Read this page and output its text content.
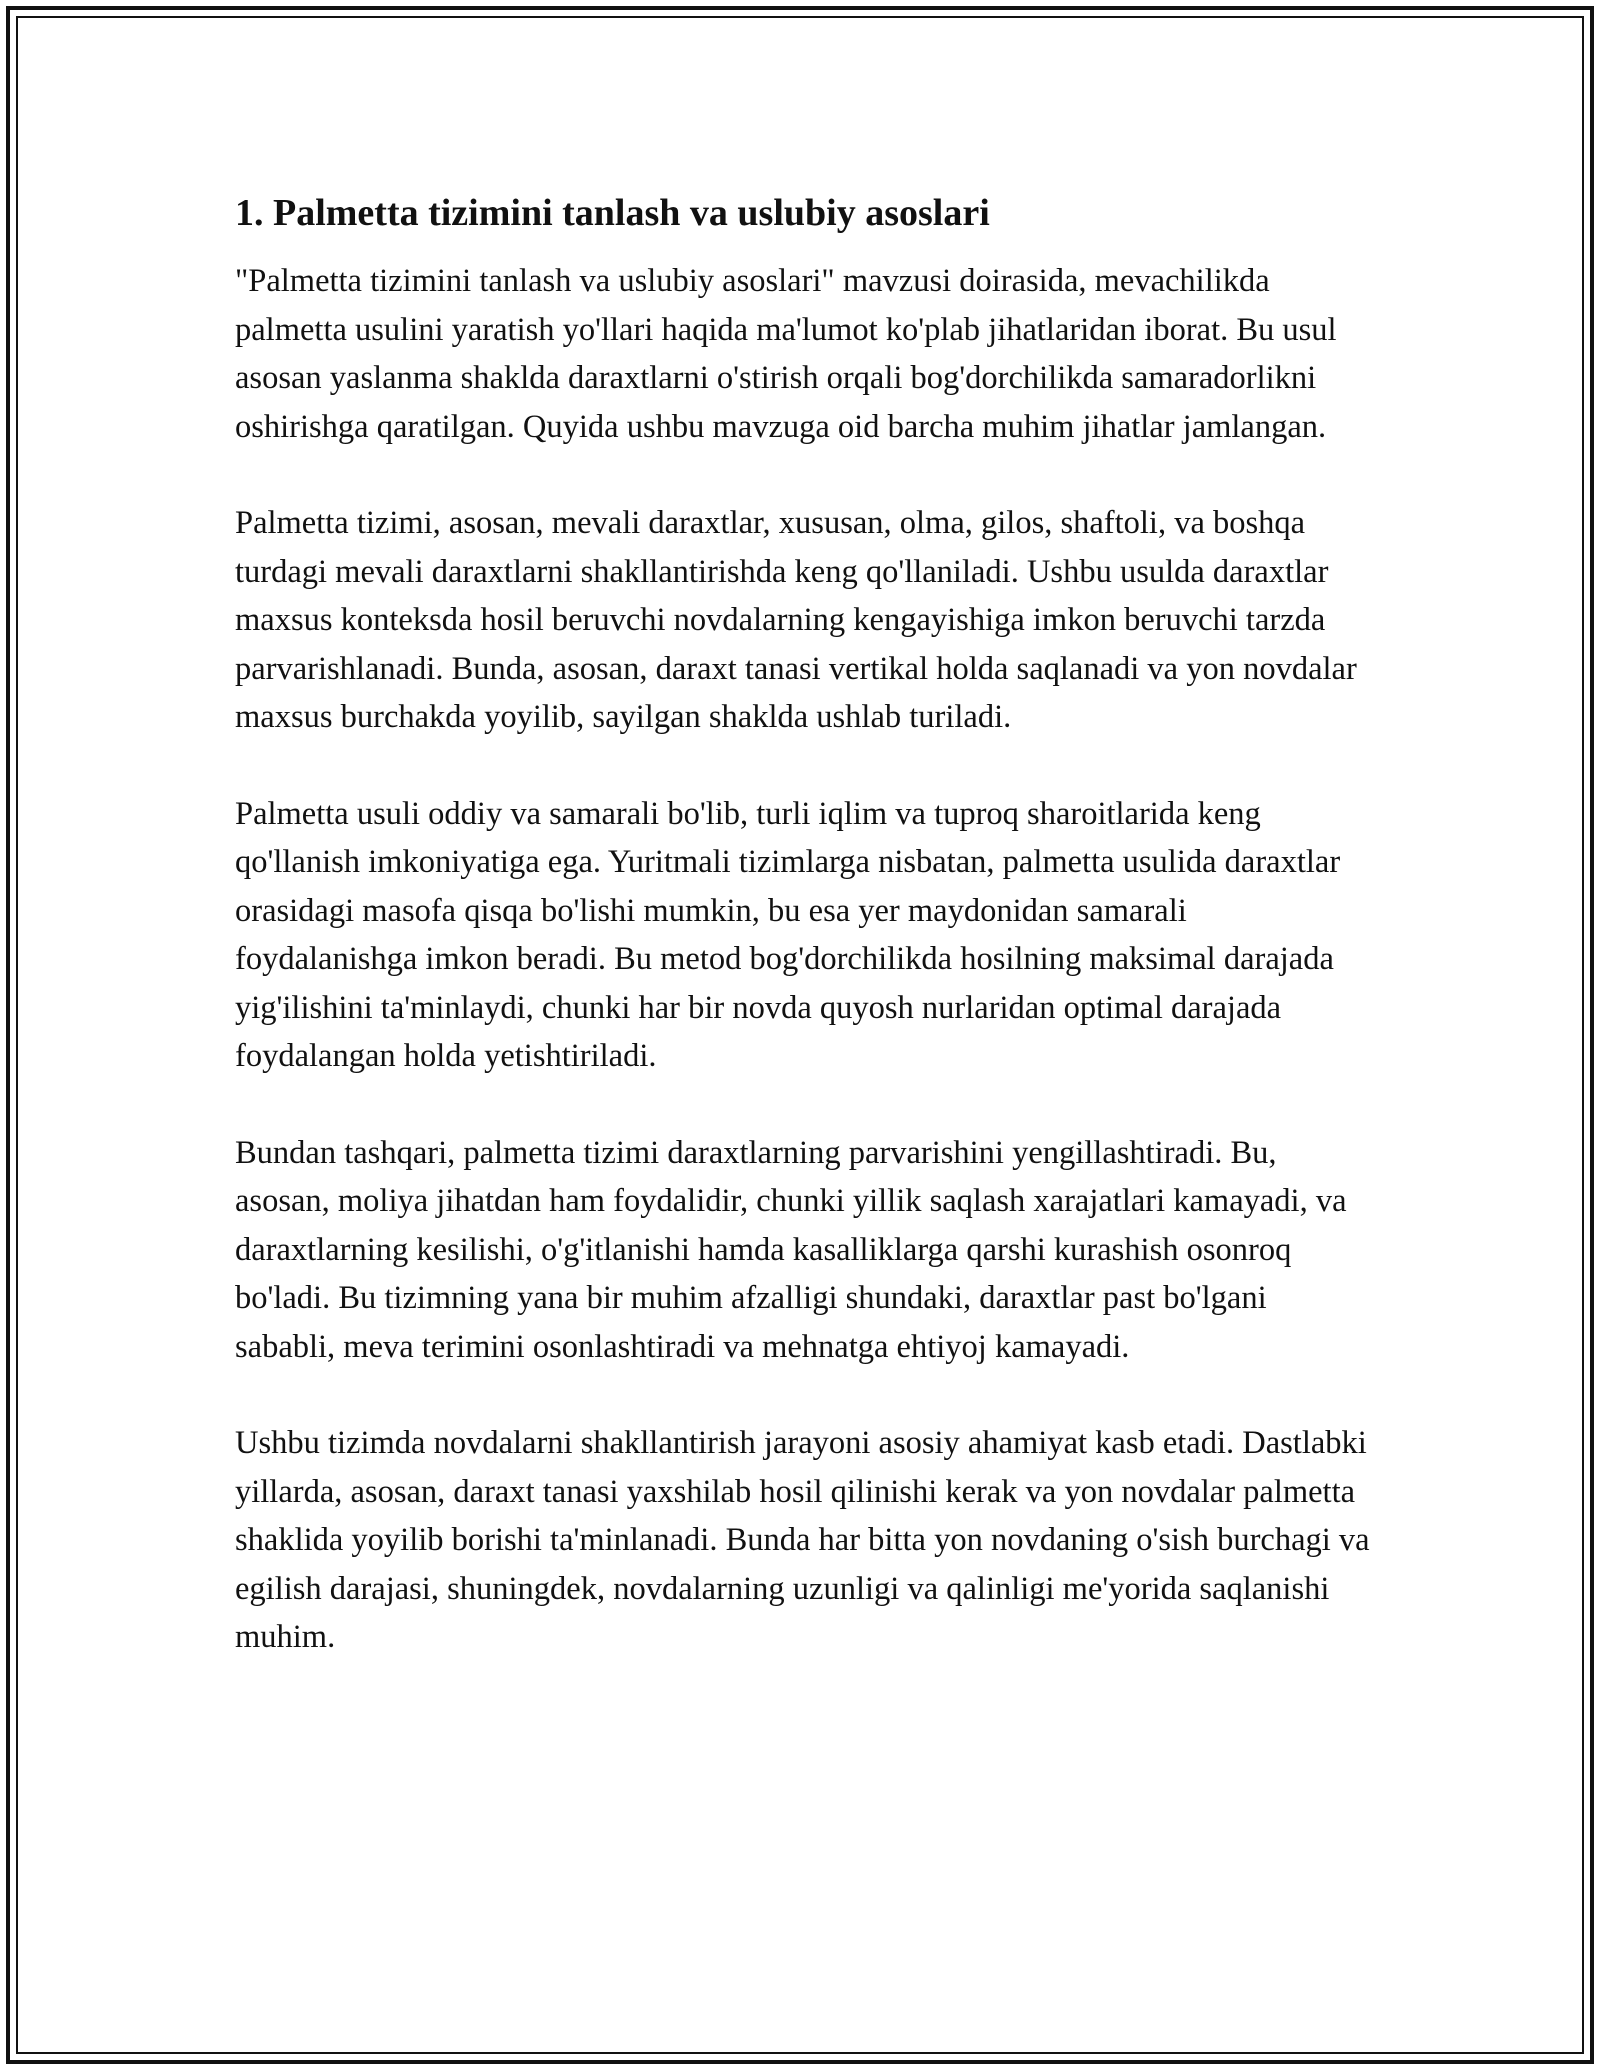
1. Palmetta tizimini tanlash va uslubiy asoslari

"Palmetta tizimini tanlash va uslubiy asoslari" mavzusi doirasida, mevachilikda palmetta usulini yaratish yo'llari haqida ma'lumot ko'plab jihatlaridan iborat. Bu usul asosan yaslanma shaklda daraxtlarni o'stirish orqali bog'dorchilikda samaradorlikni oshirishga qaratilgan. Quyida ushbu mavzuga oid barcha muhim jihatlar jamlangan.

Palmetta tizimi, asosan, mevali daraxtlar, xususan, olma, gilos, shaftoli, va boshqa turdagi mevali daraxtlarni shakllantirishda keng qo'llaniladi. Ushbu usulda daraxtlar maxsus konteksda hosil beruvchi novdalarning kengayishiga imkon beruvchi tarzda parvarishlanadi. Bunda, asosan, daraxt tanasi vertikal holda saqlanadi va yon novdalar maxsus burchakda yoyilib, sayilgan shaklda ushlab turiladi.

Palmetta usuli oddiy va samarali bo'lib, turli iqlim va tuproq sharoitlarida keng qo'llanish imkoniyatiga ega. Yuritmali tizimlarga nisbatan, palmetta usulida daraxtlar orasidagi masofa qisqa bo'lishi mumkin, bu esa yer maydonidan samarali foydalanishga imkon beradi. Bu metod bog'dorchilikda hosilning maksimal darajada yig'ilishini ta'minlaydi, chunki har bir novda quyosh nurlaridan optimal darajada foydalangan holda yetishtiriladi.

Bundan tashqari, palmetta tizimi daraxtlarning parvarishini yengillashtiradi. Bu, asosan, moliya jihatdan ham foydalidir, chunki yillik saqlash xarajatlari kamayadi, va daraxtlarning kesilishi, o'g'itlanishi hamda kasalliklarga qarshi kurashish osonroq bo'ladi. Bu tizimning yana bir muhim afzalligi shundaki, daraxtlar past bo'lgani sababli, meva terimini osonlashtiradi va mehnatga ehtiyoj kamayadi.

Ushbu tizimda novdalarni shakllantirish jarayoni asosiy ahamiyat kasb etadi. Dastlabki yillarda, asosan, daraxt tanasi yaxshilab hosil qilinishi kerak va yon novdalar palmetta shaklida yoyilib borishi ta'minlanadi. Bunda har bitta yon novdaning o'sish burchagi va egilish darajasi, shuningdek, novdalarning uzunligi va qalinligi me'yorida saqlanishi muhim.
